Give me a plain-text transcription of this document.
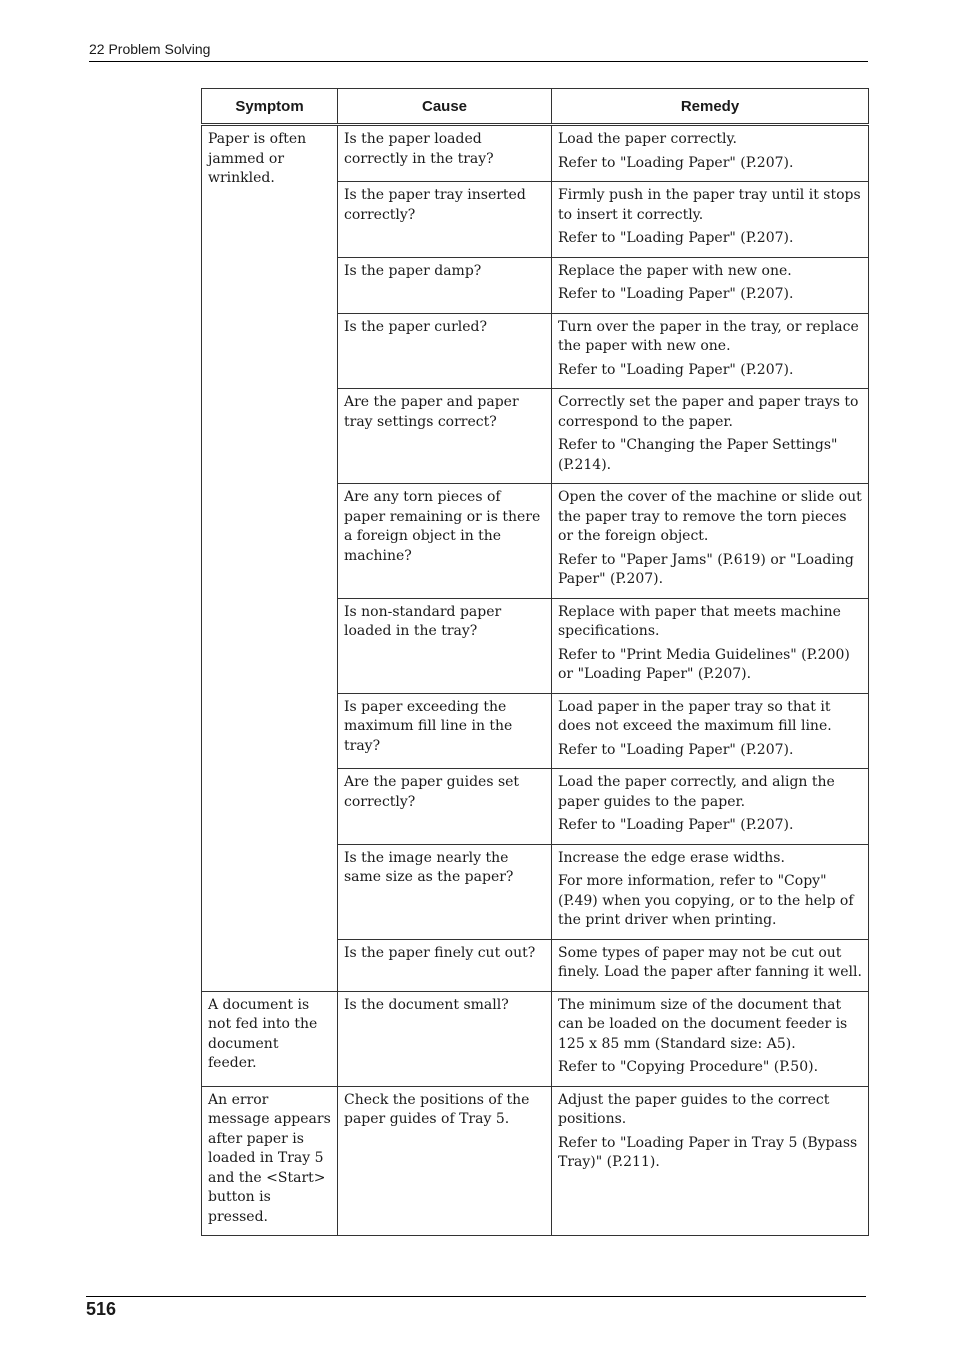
22 Problem Solving
Symptom	Cause	Remedy
Paper is often jammed or wrinkled.	Is the paper loaded correctly in the tray?	Load the paper correctly.

Refer to "Loading Paper" (P.207).

	Is the paper tray inserted correctly?	Firmly push in the paper tray until it stops to insert it correctly.

Refer to "Loading Paper" (P.207).

	Is the paper damp?	Replace the paper with new one.

Refer to "Loading Paper" (P.207).

	Is the paper curled?	Turn over the paper in the tray, or replace the paper with new one.

Refer to "Loading Paper" (P.207).

	Are the paper and paper tray settings correct?	Correctly set the paper and paper trays to correspond to the paper.

Refer to "Changing the Paper Settings" (P.214).

	Are any torn pieces of paper remaining or is there a foreign object in the machine?	Open the cover of the machine or slide out the paper tray to remove the torn pieces or the foreign object.

Refer to "Paper Jams" (P.619) or "Loading Paper" (P.207).

	Is non-standard paper loaded in the tray?	Replace with paper that meets machine specifications.

Refer to "Print Media Guidelines" (P.200) or "Loading Paper" (P.207).

	Is paper exceeding the maximum fill line in the tray?	Load paper in the paper tray so that it does not exceed the maximum fill line.

Refer to "Loading Paper" (P.207).

	Are the paper guides set correctly?	Load the paper correctly, and align the paper guides to the paper.

Refer to "Loading Paper" (P.207).

	Is the image nearly the same size as the paper?	Increase the edge erase widths.

For more information, refer to "Copy" (P.49) when you copying, or to the help of the print driver when printing.

	Is the paper finely cut out?	Some types of paper may not be cut out finely. Load the paper after fanning it well.

A document is not fed into the document feeder.	Is the document small?	The minimum size of the document that can be loaded on the document feeder is 125 x 85 mm (Standard size: A5).

Refer to "Copying Procedure" (P.50).

An error message appears after paper is loaded in Tray 5 and the <Start> button is pressed.	Check the positions of the paper guides of Tray 5.	Adjust the paper guides to the correct positions.

Refer to "Loading Paper in Tray 5 (Bypass Tray)" (P.211).

516
